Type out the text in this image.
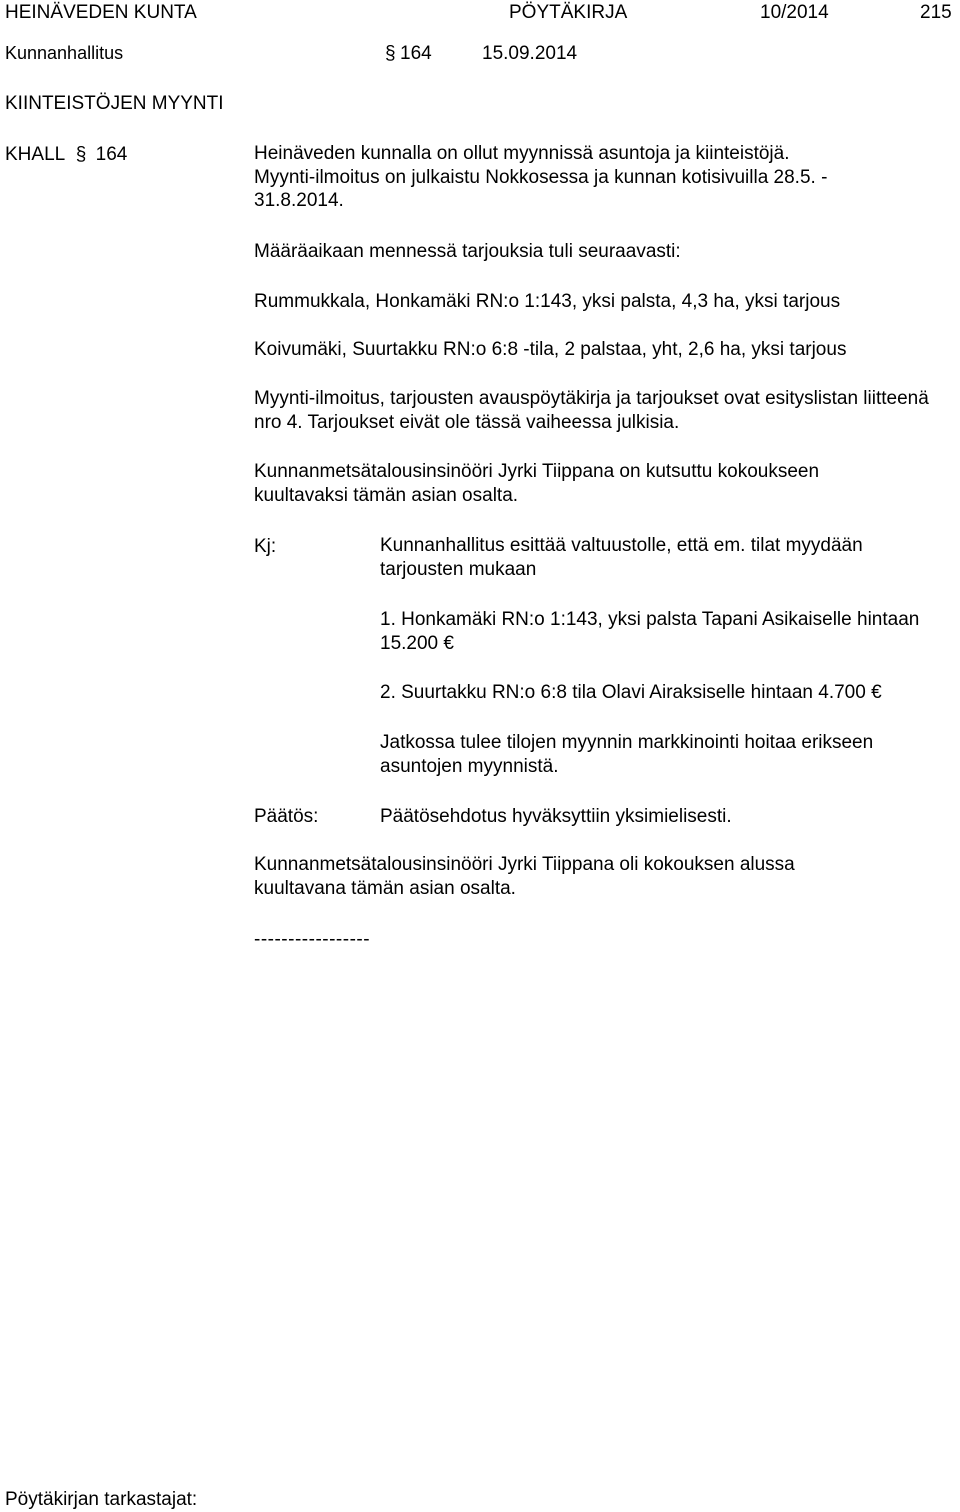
HEINÄVEDEN KUNTA	PÖYTÄKIRJA	10/2014	215
Kunnanhallitus	§ 164	15.09.2014
KIINTEISTÖJEN MYYNTI
KHALL § 164	Heinäveden kunnalla on ollut myynnissä asuntoja ja kiinteistöjä. Myynti-ilmoitus on julkaistu Nokkosessa ja kunnan kotisivuilla 28.5. - 31.8.2014.
Määräaikaan mennessä tarjouksia tuli seuraavasti:
Rummukkala, Honkamäki RN:o 1:143, yksi palsta, 4,3 ha, yksi tarjous
Koivumäki, Suurtakku RN:o 6:8 -tila, 2 palstaa, yht, 2,6 ha, yksi tarjous
Myynti-ilmoitus, tarjousten avauspöytäkirja ja tarjoukset ovat esityslistan liitteenä nro 4. Tarjoukset eivät ole tässä vaiheessa julkisia.
Kunnanmetsätalousinsinööri Jyrki Tiippana on kutsuttu kokoukseen kuultavaksi tämän asian osalta.
Kj:	Kunnanhallitus esittää valtuustolle, että em. tilat myydään tarjousten mukaan
1. Honkamäki RN:o 1:143, yksi palsta Tapani Asikaiselle hintaan 15.200 €
2. Suurtakku RN:o 6:8 tila Olavi Airaksiselle hintaan 4.700 €
Jatkossa tulee tilojen myynnin markkinointi hoitaa erikseen asuntojen myynnistä.
Päätös:	Päätösehdotus hyväksyttiin yksimielisesti.
Kunnanmetsätalousinsinööri Jyrki Tiippana oli kokouksen alussa kuultavana tämän asian osalta.
-----------------
Pöytäkirjan tarkastajat:
